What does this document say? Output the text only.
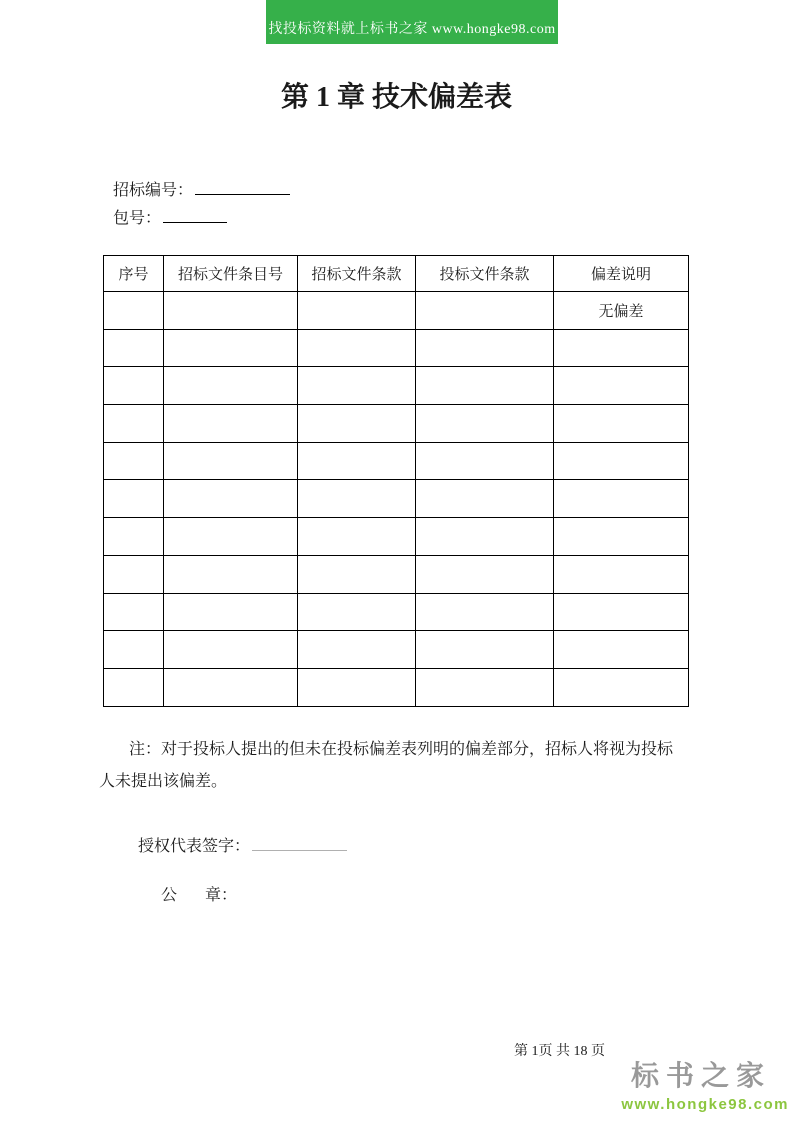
找投标资料就上标书之家 www.hongke98.com
第 1 章 技术偏差表
招标编号：
包号：
序号	招标文件条目号	招标文件条款	投标文件条款	偏差说明
				无偏差

注：对于投标人提出的但未在投标偏差表列明的偏差部分，招标人将视为投标

人未提出该偏差。

授权代表签字：
公 章：
第 1页 共 18 页
标书之家
www.hongke98.com
